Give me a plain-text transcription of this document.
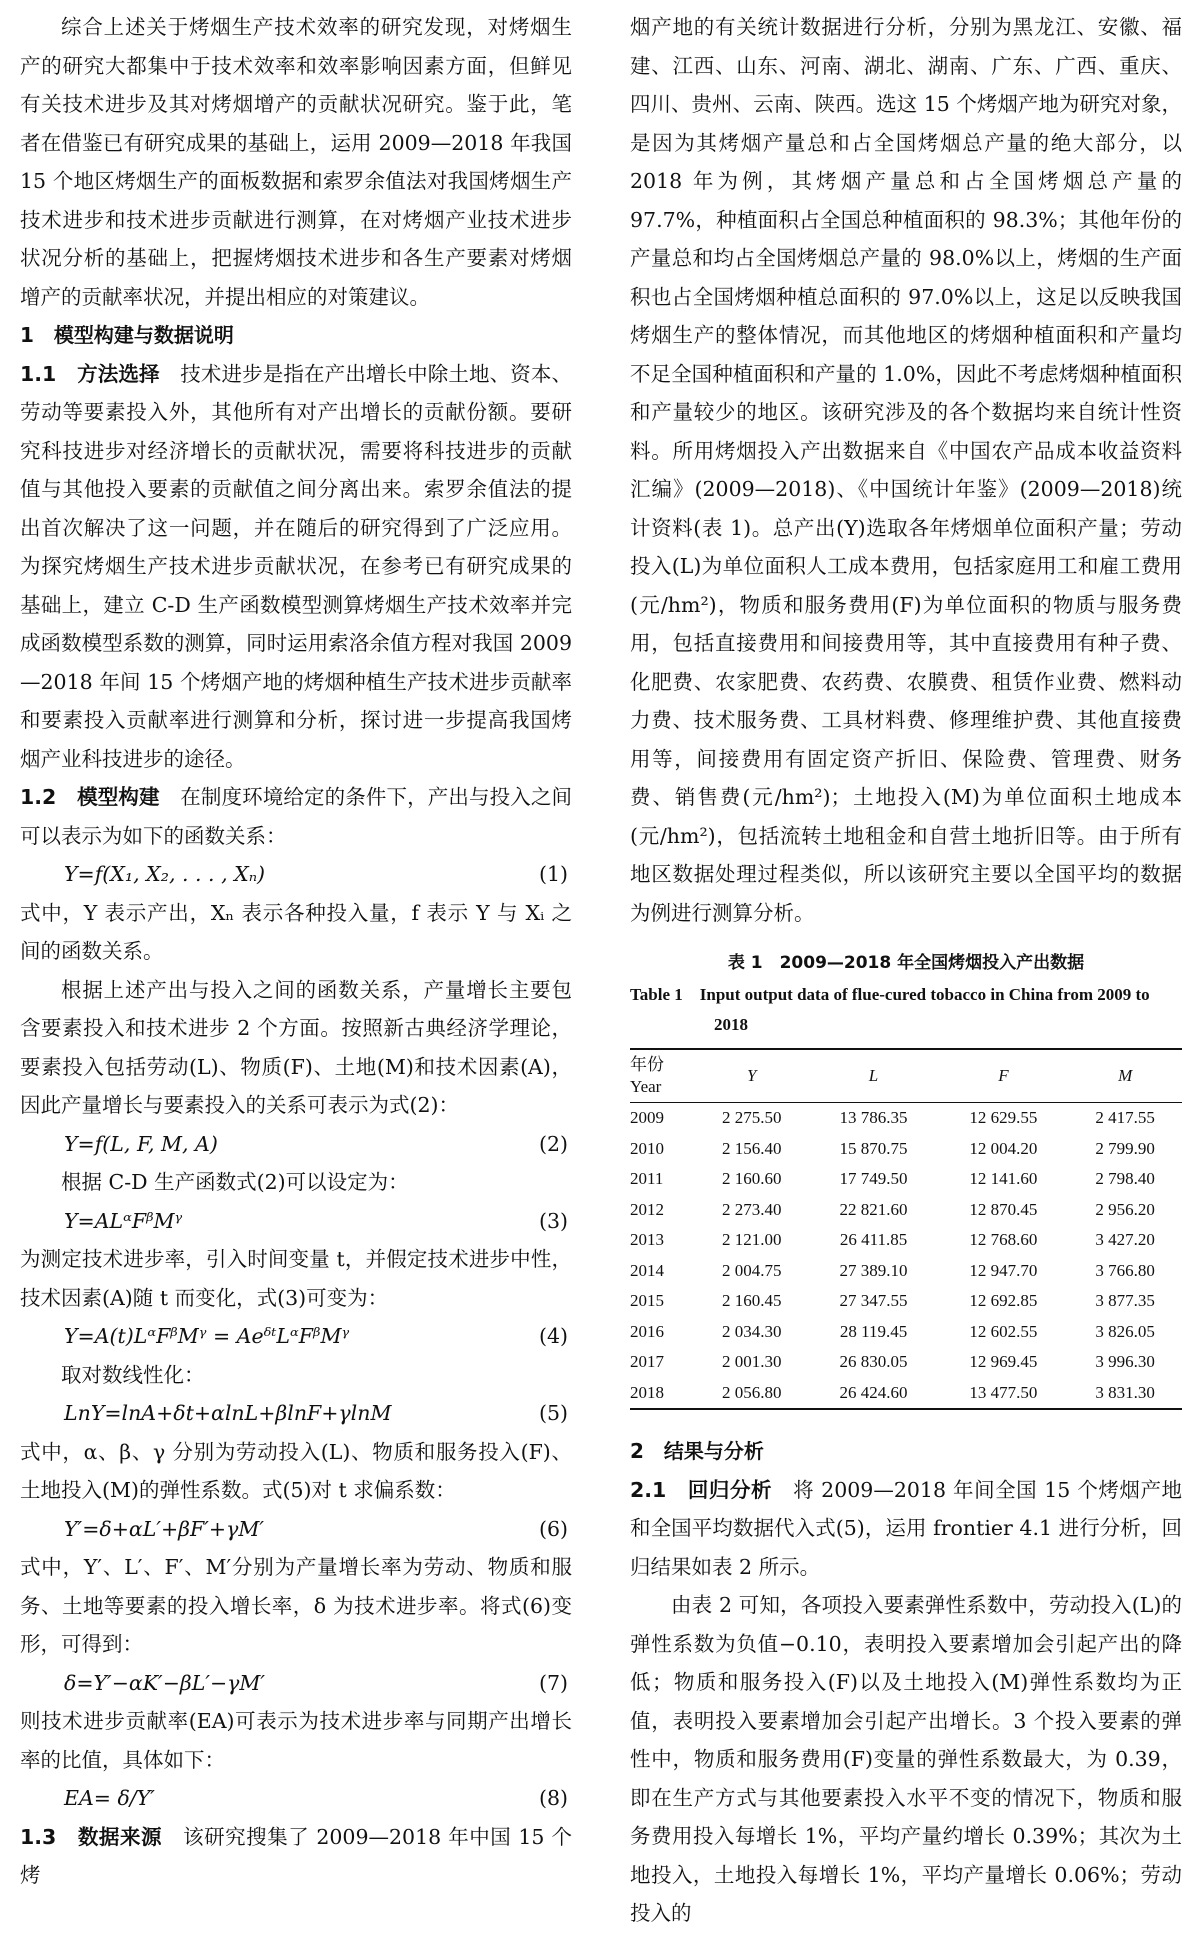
综合上述关于烤烟生产技术效率的研究发现，对烤烟生产的研究大都集中于技术效率和效率影响因素方面，但鲜见有关技术进步及其对烤烟增产的贡献状况研究。鉴于此，笔者在借鉴已有研究成果的基础上，运用 2009—2018 年我国 15 个地区烤烟生产的面板数据和索罗余值法对我国烤烟生产技术进步和技术进步贡献进行测算，在对烤烟产业技术进步状况分析的基础上，把握烤烟技术进步和各生产要素对烤烟增产的贡献率状况，并提出相应的对策建议。

1　模型构建与数据说明

1.1　方法选择　技术进步是指在产出增长中除土地、资本、劳动等要素投入外，其他所有对产出增长的贡献份额。要研究科技进步对经济增长的贡献状况，需要将科技进步的贡献值与其他投入要素的贡献值之间分离出来。索罗余值法的提出首次解决了这一问题，并在随后的研究得到了广泛应用。为探究烤烟生产技术进步贡献状况，在参考已有研究成果的基础上，建立 C-D 生产函数模型测算烤烟生产技术效率并完成函数模型系数的测算，同时运用索洛余值方程对我国 2009—2018 年间 15 个烤烟产地的烤烟种植生产技术进步贡献率和要素投入贡献率进行测算和分析，探讨进一步提高我国烤烟产业科技进步的途径。

1.2　模型构建　在制度环境给定的条件下，产出与投入之间可以表示为如下的函数关系：

Y=f(X₁, X₂, . . . , Xₙ)	(1)

式中，Y 表示产出，Xₙ 表示各种投入量，f 表示 Y 与 Xᵢ 之间的函数关系。

根据上述产出与投入之间的函数关系，产量增长主要包含要素投入和技术进步 2 个方面。按照新古典经济学理论，要素投入包括劳动(L)、物质(F)、土地(M)和技术因素(A)，因此产量增长与要素投入的关系可表示为式(2)：

Y=f(L, F, M, A)	(2)

根据 C-D 生产函数式(2)可以设定为：

Y=ALᵅFᵝMᵞ	(3)

为测定技术进步率，引入时间变量 t，并假定技术进步中性，技术因素(A)随 t 而变化，式(3)可变为：

Y=A(t)LᵅFᵝMᵞ = AeᵟᵗLᵅFᵝMᵞ	(4)

取对数线性化：

LnY=lnA+δt+αlnL+βlnF+γlnM	(5)

式中，α、β、γ 分别为劳动投入(L)、物质和服务投入(F)、土地投入(M)的弹性系数。式(5)对 t 求偏系数：

Y′=δ+αL′+βF′+γM′	(6)

式中，Y′、L′、F′、M′分别为产量增长率为劳动、物质和服务、土地等要素的投入增长率，δ 为技术进步率。将式(6)变形，可得到：

δ=Y′−αK′−βL′−γM′	(7)

则技术进步贡献率(EA)可表示为技术进步率与同期产出增长率的比值，具体如下：

EA= δ/Y′	(8)

1.3　数据来源　该研究搜集了 2009—2018 年中国 15 个烤

烟产地的有关统计数据进行分析，分别为黑龙江、安徽、福建、江西、山东、河南、湖北、湖南、广东、广西、重庆、四川、贵州、云南、陕西。选这 15 个烤烟产地为研究对象，是因为其烤烟产量总和占全国烤烟总产量的绝大部分，以 2018 年为例，其烤烟产量总和占全国烤烟总产量的 97.7%，种植面积占全国总种植面积的 98.3%；其他年份的产量总和均占全国烤烟总产量的 98.0%以上，烤烟的生产面积也占全国烤烟种植总面积的 97.0%以上，这足以反映我国烤烟生产的整体情况，而其他地区的烤烟种植面积和产量均不足全国种植面积和产量的 1.0%，因此不考虑烤烟种植面积和产量较少的地区。该研究涉及的各个数据均来自统计性资料。所用烤烟投入产出数据来自《中国农产品成本收益资料汇编》(2009—2018)、《中国统计年鉴》(2009—2018)统计资料(表 1)。总产出(Y)选取各年烤烟单位面积产量；劳动投入(L)为单位面积人工成本费用，包括家庭用工和雇工费用(元/hm²)，物质和服务费用(F)为单位面积的物质与服务费用，包括直接费用和间接费用等，其中直接费用有种子费、化肥费、农家肥费、农药费、农膜费、租赁作业费、燃料动力费、技术服务费、工具材料费、修理维护费、其他直接费用等，间接费用有固定资产折旧、保险费、管理费、财务费、销售费(元/hm²)；土地投入(M)为单位面积土地成本(元/hm²)，包括流转土地租金和自营土地折旧等。由于所有地区数据处理过程类似，所以该研究主要以全国平均的数据为例进行测算分析。

表 1　2009—2018 年全国烤烟投入产出数据
Table 1　Input output data of flue-cured tobacco in China from 2009 to 2018
年份
Year	Y	L	F	M
2009	2 275.50	13 786.35	12 629.55	2 417.55
2010	2 156.40	15 870.75	12 004.20	2 799.90
2011	2 160.60	17 749.50	12 141.60	2 798.40
2012	2 273.40	22 821.60	12 870.45	2 956.20
2013	2 121.00	26 411.85	12 768.60	3 427.20
2014	2 004.75	27 389.10	12 947.70	3 766.80
2015	2 160.45	27 347.55	12 692.85	3 877.35
2016	2 034.30	28 119.45	12 602.55	3 826.05
2017	2 001.30	26 830.05	12 969.45	3 996.30
2018	2 056.80	26 424.60	13 477.50	3 831.30
2　结果与分析

2.1　回归分析　将 2009—2018 年间全国 15 个烤烟产地和全国平均数据代入式(5)，运用 frontier 4.1 进行分析，回归结果如表 2 所示。

由表 2 可知，各项投入要素弹性系数中，劳动投入(L)的弹性系数为负值−0.10，表明投入要素增加会引起产出的降低；物质和服务投入(F)以及土地投入(M)弹性系数均为正值，表明投入要素增加会引起产出增长。3 个投入要素的弹性中，物质和服务费用(F)变量的弹性系数最大，为 0.39，即在生产方式与其他要素投入水平不变的情况下，物质和服务费用投入每增长 1%，平均产量约增长 0.39%；其次为土地投入，土地投入每增长 1%，平均产量增长 0.06%；劳动投入的
